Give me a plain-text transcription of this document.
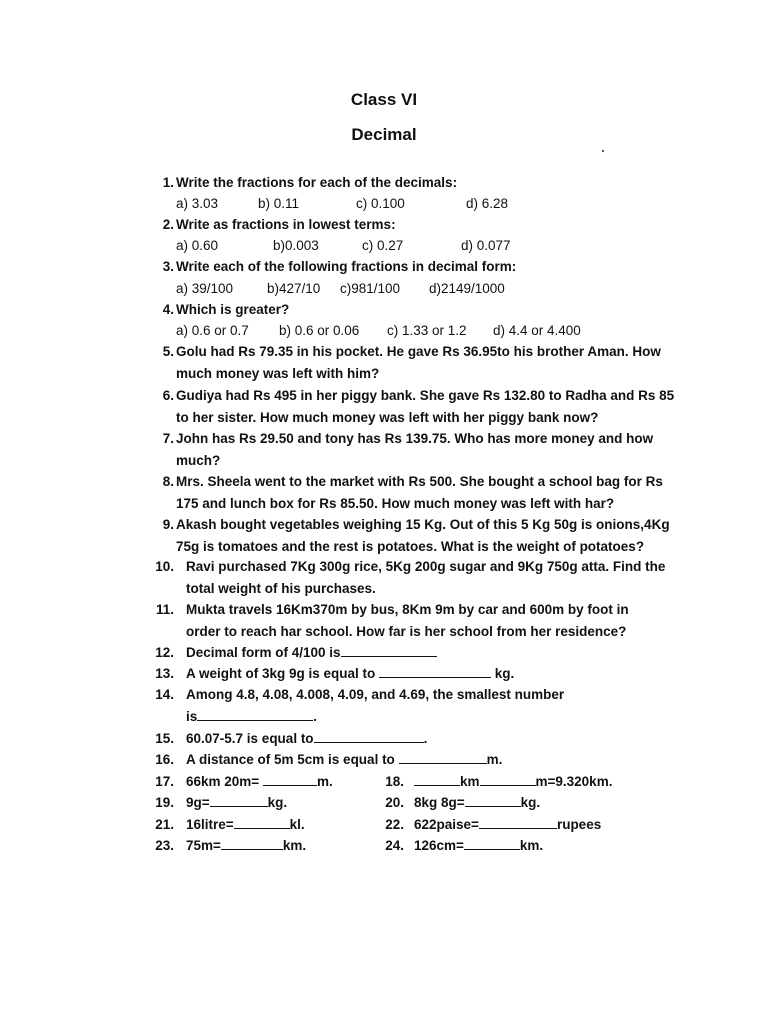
Class VI
Decimal
1. Write the fractions for each of the decimals:
a) 3.03	b) 0.11	c) 0.100	d) 6.28
2. Write as fractions in lowest terms:
a) 0.60	b)0.003	c) 0.27	d) 0.077
3. Write each of the following fractions in decimal form:
a) 39/100	b)427/10 c)981/100 d)2149/1000
4. Which is greater?
a) 0.6 or 0.7 b) 0.6 or 0.06 c) 1.33 or 1.2 d) 4.4 or 4.400
5. Golu had Rs 79.35 in his pocket. He gave Rs 36.95to his brother Aman. How
much money was left with him?
6. Gudiya had Rs 495 in her piggy bank. She gave Rs 132.80 to Radha and Rs 85
to her sister. How much money was left with her piggy bank now?
7. John has Rs 29.50 and tony has Rs 139.75. Who has more money and how
much?
8. Mrs. Sheela went to the market with Rs 500. She bought a school bag for Rs
175 and lunch box for Rs 85.50. How much money was left with har?
9. Akash bought vegetables weighing 15 Kg. Out of this 5 Kg 50g is onions,4Kg
75g is tomatoes and the rest is potatoes. What is the weight of potatoes?
10. Ravi purchased 7Kg 300g rice, 5Kg 200g sugar and 9Kg 750g atta. Find the
total weight of his purchases.
11. Mukta travels 16Km370m by bus, 8Km 9m by car and 600m by foot in
order to reach har school. How far is her school from her residence?
12. Decimal form of 4/100 is
13. A weight of 3kg 9g is equal to	kg.
14. Among 4.8, 4.08, 4.008, 4.09, and 4.69, the smallest number
is	.
15. 60.07-5.7 is equal to	.
16. A distance of 5m 5cm is equal to	m.
17. 66km 20m=	m.	18.	km	m=9.320km.
19. 9g=	kg.	20. 8kg 8g=	kg.
21. 16litre=	kl.	22. 622paise=	rupees
23. 75m=	km.	24. 126cm=	km.
